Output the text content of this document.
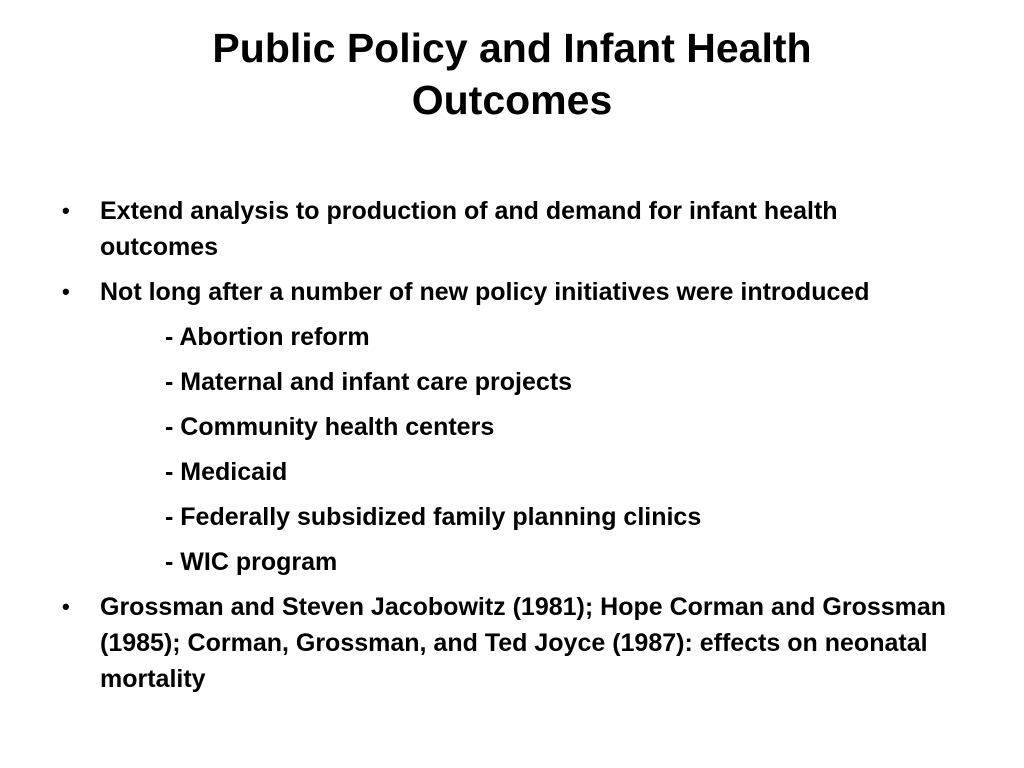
Public Policy and Infant Health
Outcomes
• Extend analysis to production of and demand for infant health outcomes
• Not long after a number of new policy initiatives were introduced
- Abortion reform
- Maternal and infant care projects
- Community health centers
- Medicaid
- Federally subsidized family planning clinics
- WIC program
• Grossman and Steven Jacobowitz (1981); Hope Corman and Grossman (1985); Corman, Grossman, and Ted Joyce (1987): effects on neonatal mortality
